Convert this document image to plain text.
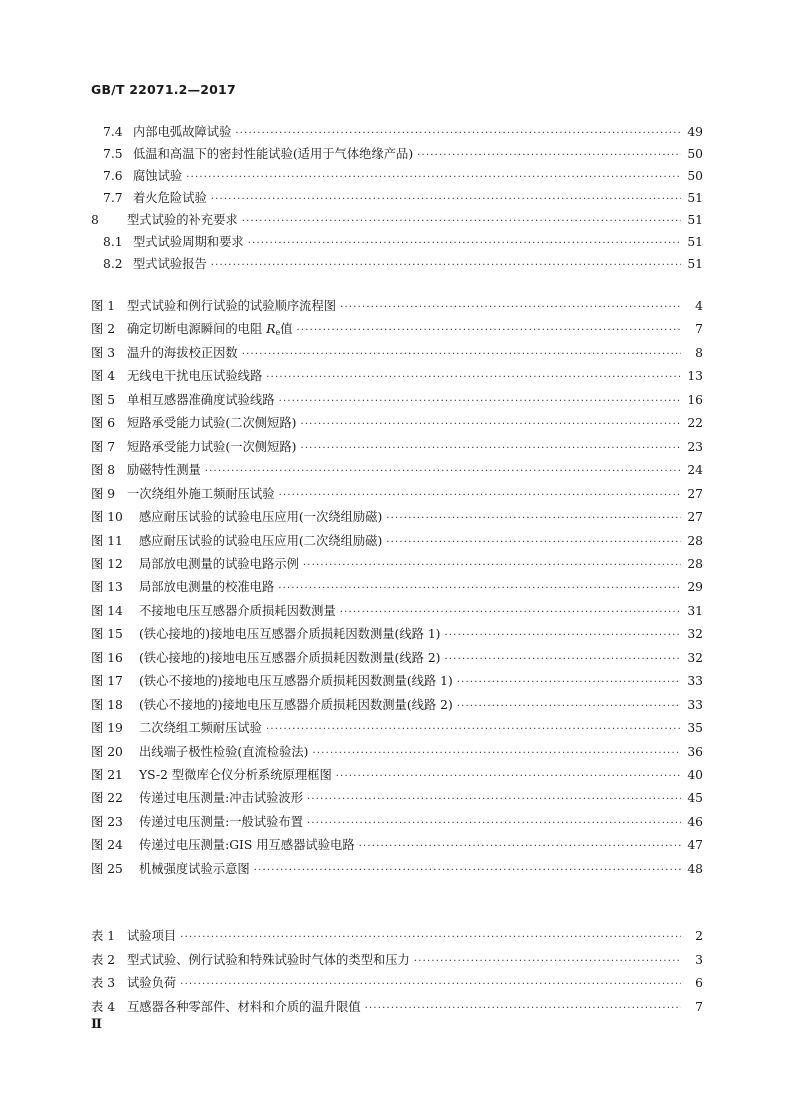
GB/T 22071.2—2017
7.4 内部电弧故障试验 ·····	49
7.5 低温和高温下的密封性能试验(适用于气体绝缘产品) ·····	50
7.6 腐蚀试验 ·····	50
7.7 着火危险试验 ·····	51
8	型式试验的补充要求 ·····	51
8.1 型式试验周期和要求 ·····	51
8.2 型式试验报告 ·····	51
图 1 型式试验和例行试验的试验顺序流程图 ·····	4
图 2 确定切断电源瞬间的电阻 $R_e$值 ·····	7
图 3 温升的海拔校正因数 ·····	8
图 4 无线电干扰电压试验线路 ·····	13
图 5 单相互感器准确度试验线路 ·····	16
图 6 短路承受能力试验(二次侧短路) ·····	22
图 7 短路承受能力试验(一次侧短路) ·····	23
图 8 励磁特性测量 ·····	24
图 9 一次绕组外施工频耐压试验 ·····	27
图 10	感应耐压试验的试验电压应用(一次绕组励磁) ·····	27
图 11	感应耐压试验的试验电压应用(二次绕组励磁) ·····	28
图 12	局部放电测量的试验电路示例 ·····	28
图 13	局部放电测量的校准电路 ·····	29
图 14	不接地电压互感器介质损耗因数测量 ·····	31
图 15	(铁心接地的)接地电压互感器介质损耗因数测量(线路 1) ·····	32
图 16	(铁心接地的)接地电压互感器介质损耗因数测量(线路 2) ·····	32
图 17	(铁心不接地的)接地电压互感器介质损耗因数测量(线路 1) ·····	33
图 18	(铁心不接地的)接地电压互感器介质损耗因数测量(线路 2) ·····	33
图 19	二次绕组工频耐压试验 ·····	35
图 20	出线端子极性检验(直流检验法) ·····	36
图 21	YS-2 型微库仑仪分析系统原理框图 ·····	40
图 22	传递过电压测量:冲击试验波形 ·····	45
图 23	传递过电压测量:一般试验布置 ·····	46
图 24	传递过电压测量:GIS 用互感器试验电路 ·····	47
图 25	机械强度试验示意图 ·····	48
表 1 试验项目 ·····	2
表 2 型式试验、例行试验和特殊试验时气体的类型和压力 ·····	3
表 3 试验负荷 ·····	6
表 4 互感器各种零部件、材料和介质的温升限值 ·····	7
Ⅱ
